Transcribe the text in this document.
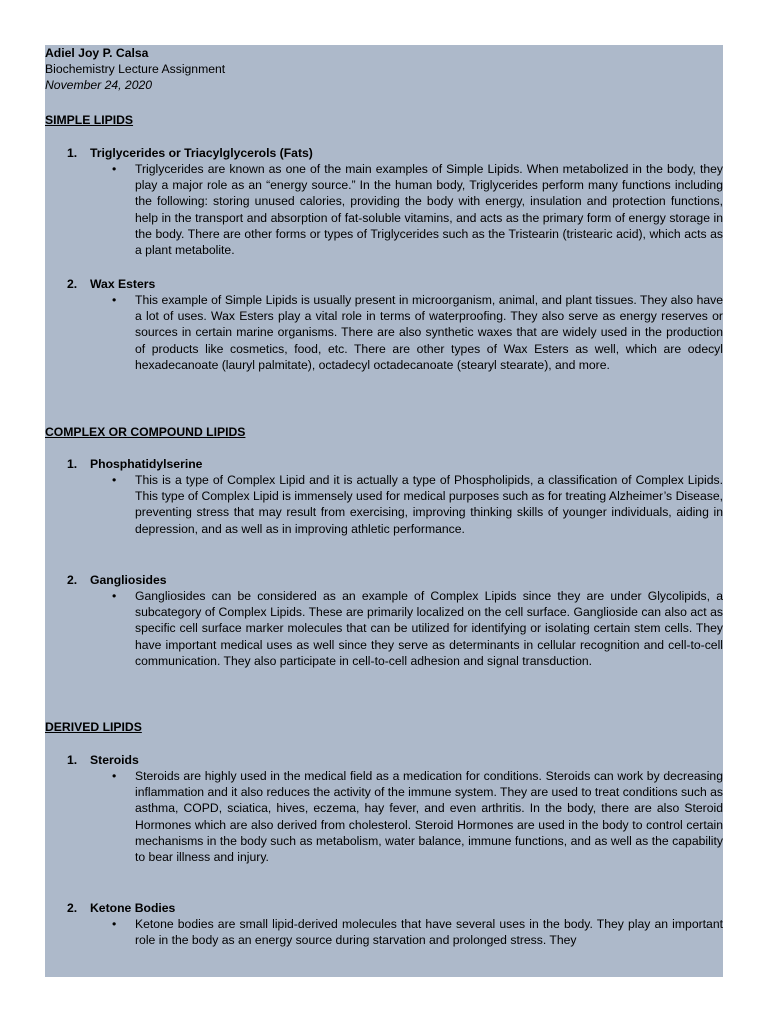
Adiel Joy P. Calsa

Biochemistry Lecture Assignment

November 24, 2020

SIMPLE LIPIDS

1. Triglycerides or Triacylglycerols (Fats)

• Triglycerides are known as one of the main examples of Simple Lipids. When metabolized in the body, they play a major role as an “energy source.” In the human body, Triglycerides perform many functions including the following: storing unused calories, providing the body with energy, insulation and protection functions, help in the transport and absorption of fat-soluble vitamins, and acts as the primary form of energy storage in the body. There are other forms or types of Triglycerides such as the Tristearin (tristearic acid), which acts as a plant metabolite.

2. Wax Esters

• This example of Simple Lipids is usually present in microorganism, animal, and plant tissues. They also have a lot of uses. Wax Esters play a vital role in terms of waterproofing. They also serve as energy reserves or sources in certain marine organisms. There are also synthetic waxes that are widely used in the production of products like cosmetics, food, etc. There are other types of Wax Esters as well, which are odecyl hexadecanoate (lauryl palmitate), octadecyl octadecanoate (stearyl stearate), and more.

COMPLEX OR COMPOUND LIPIDS

1. Phosphatidylserine

• This is a type of Complex Lipid and it is actually a type of Phospholipids, a classification of Complex Lipids. This type of Complex Lipid is immensely used for medical purposes such as for treating Alzheimer’s Disease, preventing stress that may result from exercising, improving thinking skills of younger individuals, aiding in depression, and as well as in improving athletic performance.

2. Gangliosides

• Gangliosides can be considered as an example of Complex Lipids since they are under Glycolipids, a subcategory of Complex Lipids. These are primarily localized on the cell surface. Ganglioside can also act as specific cell surface marker molecules that can be utilized for identifying or isolating certain stem cells. They have important medical uses as well since they serve as determinants in cellular recognition and cell-to-cell communication. They also participate in cell-to-cell adhesion and signal transduction.

DERIVED LIPIDS

1. Steroids

• Steroids are highly used in the medical field as a medication for conditions. Steroids can work by decreasing inflammation and it also reduces the activity of the immune system. They are used to treat conditions such as asthma, COPD, sciatica, hives, eczema, hay fever, and even arthritis. In the body, there are also Steroid Hormones which are also derived from cholesterol. Steroid Hormones are used in the body to control certain mechanisms in the body such as metabolism, water balance, immune functions, and as well as the capability to bear illness and injury.

2. Ketone Bodies

• Ketone bodies are small lipid-derived molecules that have several uses in the body. They play an important role in the body as an energy source during starvation and prolonged stress. They
